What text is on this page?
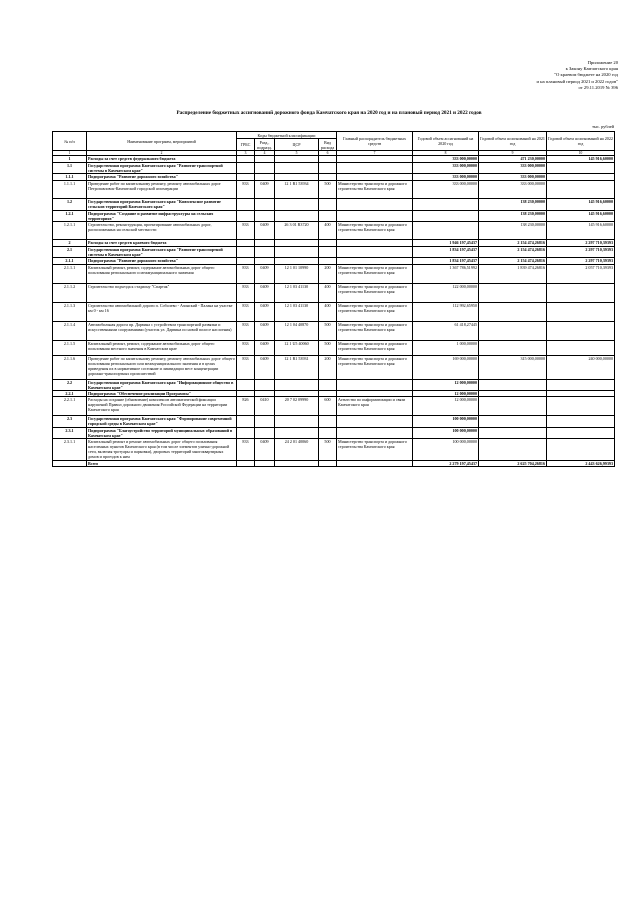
Приложение 20
к Закону Камчатского края
"О краевом бюджете на 2020 год
и на плановый период 2021 и 2022 годов"
от 29.11.2019 № 396
Распределение бюджетных ассигнований дорожного фонда Камчатского края на 2020 год и на плановый период 2021 и 2022 годов
тыс. рублей
№ п/п	Наименование программ, мероприятий	Коды бюджетной классификации				Главный распорядитель бюджетных средств	Годовой объем ассигнований на 2020 год	Годовой объем ассигнований на 2021 год	Годовой объем ассигнований на 2022 год
		ГРБС	Разд., подразд.	ЦСР	Вид расхода				
1	2	3	4	5	6	7	8	9	10
1	Расходы за счет средств федерального бюджета						333 000,00000	471 230,00000	145 916,60000
1.1	Государственная программа Камчатского края "Развитие транспортной системы в Камчатском крае"						333 000,00000	333 000,00000	
1.1.1	Подпрограмма "Развитие дорожного хозяйства"						333 000,00000	333 000,00000	
1.1.1.1	Проведение работ по капитальному ремонту, ремонту автомобильных дорог Петропавловск-Камчатской городской агломерации	833	0409	12 1 R1 53934	500	Министерство транспорта и дорожного строительства Камчатского края	333 000,00000	333 000,00000	
1.2	Государственная программа Камчатского края "Комплексное развитие сельских территорий Камчатского края"							138 230,00000	145 916,60000
1.2.1	Подпрограмма "Создание и развитие инфраструктуры на сельских территориях"							138 230,00000	145 916,60000
1.2.1.1	Строительство, реконструкция, проектирование автомобильных дорог, расположенных на сельской местности	833	0409	26 3 01 R3720	400	Министерство транспорта и дорожного строительства Камчатского края		138 230,00000	145 916,60000
2	Расходы за счет средств краевого бюджета						1 946 197,45437	2 154 474,26816	2 297 710,39393
2.1	Государственная программа Камчатского края "Развитие транспортной системы в Камчатском крае"						1 834 197,45437	2 154 474,26816	2 297 710,39393
2.1.1	Подпрограмма "Развитие дорожного хозяйства"						1 834 197,45437	2 154 474,26816	2 297 710,39393
2.1.1.1	Капитальный ремонт, ремонт, содержание автомобильных дорог общего пользования регионального и межмуниципального значения	833	0409	12 1 01 10990	200	Министерство транспорта и дорожного строительства Камчатского края	1 367 786,51992	1 839 474,26816	2 057 710,39393
2.1.1.2	Строительство подъезда к стадиону "Спартак"	833	0409	12 1 03 41130	400	Министерство транспорта и дорожного строительства Камчатского края	122 000,00000		
2.1.1.3	Строительство автомобильной дороги п. Соболево - Азинский - Палана на участке км 0 - км 16	833	0409	12 1 03 41130	400	Министерство транспорта и дорожного строительства Камчатского края	112 992,65950		
2.1.1.4	Автомобильная дорога пр. Дарвина с устройством транспортной развязки и искусственными сооружениями (участок ул. Дарвина по новой полосе наслоения)	833	0409	12 1 04 40870	500	Министерство транспорта и дорожного строительства Камчатского края	61 418,27445		
2.1.1.5	Капитальный ремонт, ремонт, содержание автомобильных дорог общего пользования местного значения в Камчатском крае	833	0409	12 1 U5 40060	500	Министерство транспорта и дорожного строительства Камчатского края	1 000,00000		
2.1.1.6	Проведение работ по капитальному ремонту, ремонту автомобильных дорог общего пользования регионального или межмуниципального значения и в целях приведения их в нормативное состояние и ликвидации мест концентрации дорожно-транспортных происшествий	833	0409	12 1 R1 53931	200	Министерство транспорта и дорожного строительства Камчатского края	169 000,00000	315 000,00000	240 000,00000
2.2	Государственная программа Камчатского края "Информационное общество в Камчатском крае"						12 000,00000		
2.2.1	Подпрограмма "Обеспечение реализации Программы"						12 000,00000		
2.2.1.1	Расходы на создание (обновление) комплексов автоматической фиксации нарушений Правил дорожного движения Российской Федерации на территории Камчатского края	826	0410	20 7 02 09990	600	Агентство по информатизации и связи Камчатского края	12 000,00000		
2.3	Государственная программа Камчатского края "Формирование современной городской среды в Камчатском крае"						100 000,00000		
2.3.1	Подпрограмма "Благоустройство территорий муниципальных образований в Камчатском крае"						100 000,00000		
2.3.1.1	Капитальный ремонт и ремонт автомобильных дорог общего пользования населенных пунктов Камчатского края (в том числе элементов улично-дорожной сети, включая тротуары и парковки), дворовых территорий многоквартирных домов и проездов к ним	833	0409	24 2 01 40060	500	Министерство транспорта и дорожного строительства Камчатского края	100 000,00000		
	Всего						2 279 197,45437	2 625 704,26816	2 443 626,99393
